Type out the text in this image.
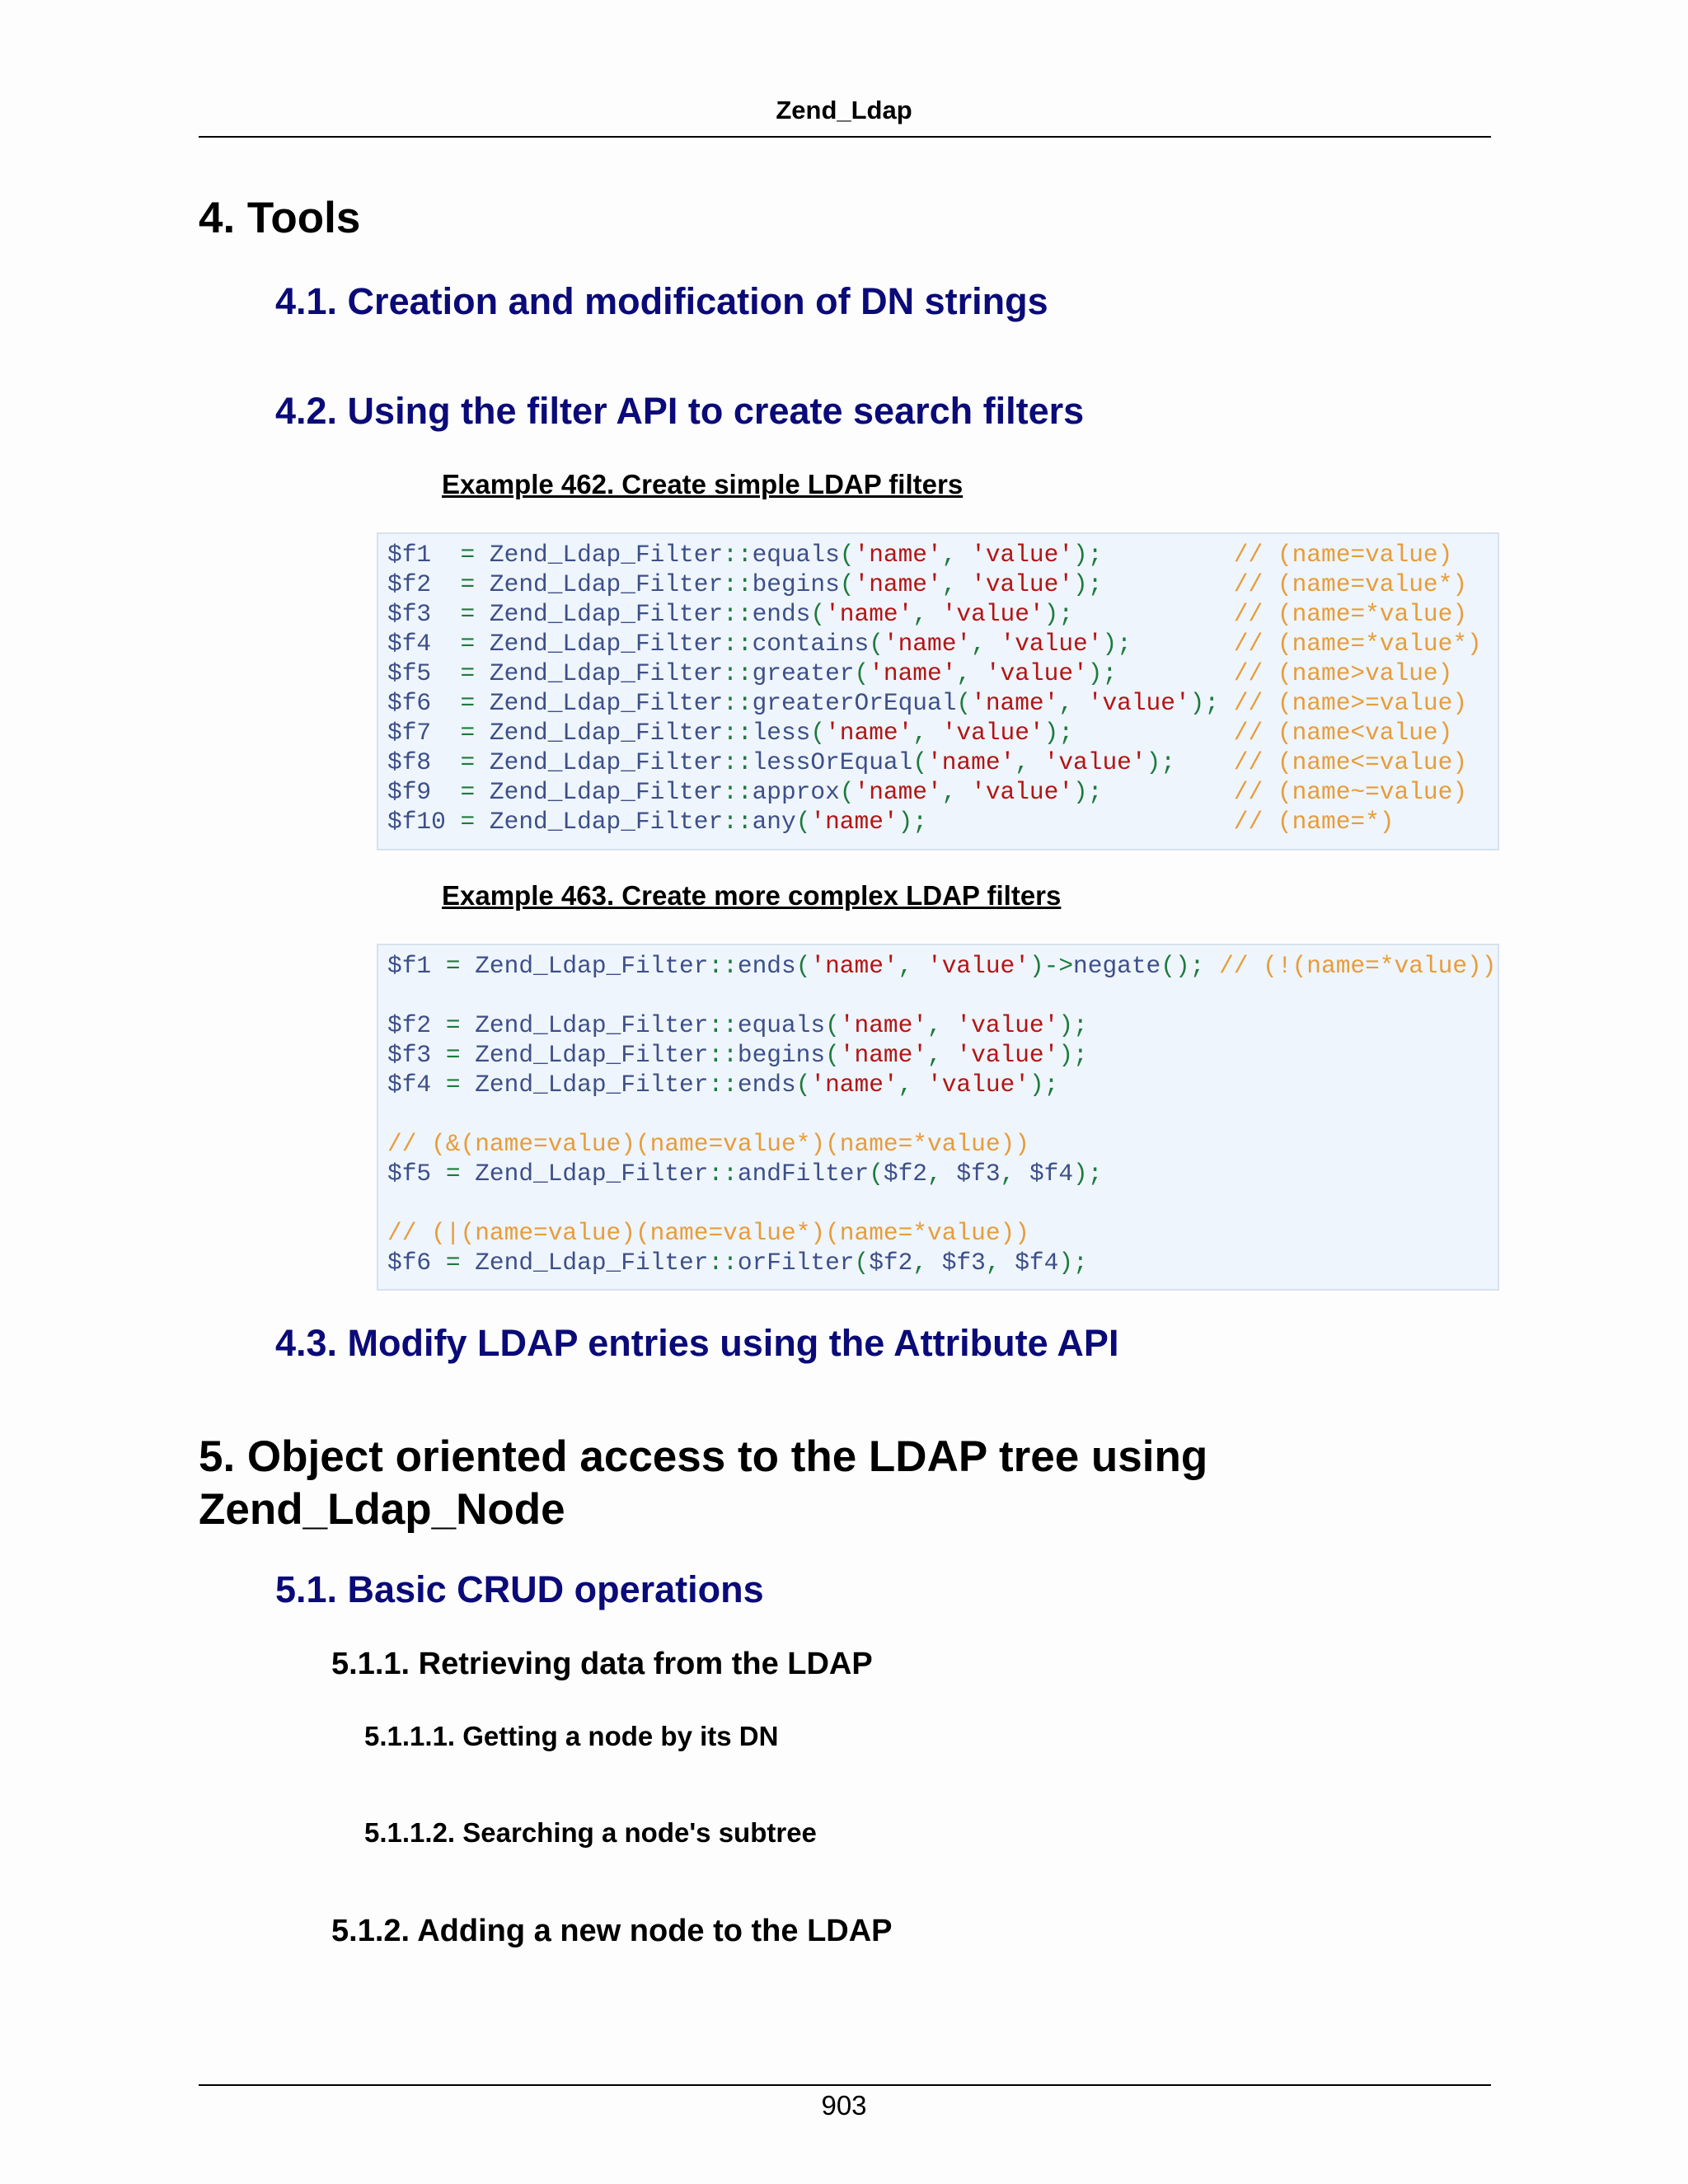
Zend_Ldap
4. Tools
4.1. Creation and modification of DN strings
4.2. Using the filter API to create search filters
Example 462. Create simple LDAP filters
$f1  = Zend_Ldap_Filter::equals('name', 'value');         // (name=value)
$f2  = Zend_Ldap_Filter::begins('name', 'value');         // (name=value*)
$f3  = Zend_Ldap_Filter::ends('name', 'value');           // (name=*value)
$f4  = Zend_Ldap_Filter::contains('name', 'value');       // (name=*value*)
$f5  = Zend_Ldap_Filter::greater('name', 'value');        // (name>value)
$f6  = Zend_Ldap_Filter::greaterOrEqual('name', 'value'); // (name>=value)
$f7  = Zend_Ldap_Filter::less('name', 'value');           // (name<value)
$f8  = Zend_Ldap_Filter::lessOrEqual('name', 'value');    // (name<=value)
$f9  = Zend_Ldap_Filter::approx('name', 'value');         // (name~=value)
$f10 = Zend_Ldap_Filter::any('name');                     // (name=*)
Example 463. Create more complex LDAP filters
$f1 = Zend_Ldap_Filter::ends('name', 'value')->negate(); // (!(name=*value))

$f2 = Zend_Ldap_Filter::equals('name', 'value');
$f3 = Zend_Ldap_Filter::begins('name', 'value');
$f4 = Zend_Ldap_Filter::ends('name', 'value');

// (&(name=value)(name=value*)(name=*value))
$f5 = Zend_Ldap_Filter::andFilter($f2, $f3, $f4);

// (|(name=value)(name=value*)(name=*value))
$f6 = Zend_Ldap_Filter::orFilter($f2, $f3, $f4);
4.3. Modify LDAP entries using the Attribute API
5. Object oriented access to the LDAP tree using Zend_Ldap_Node
5.1. Basic CRUD operations
5.1.1. Retrieving data from the LDAP
5.1.1.1. Getting a node by its DN
5.1.1.2. Searching a node's subtree
5.1.2. Adding a new node to the LDAP
903
